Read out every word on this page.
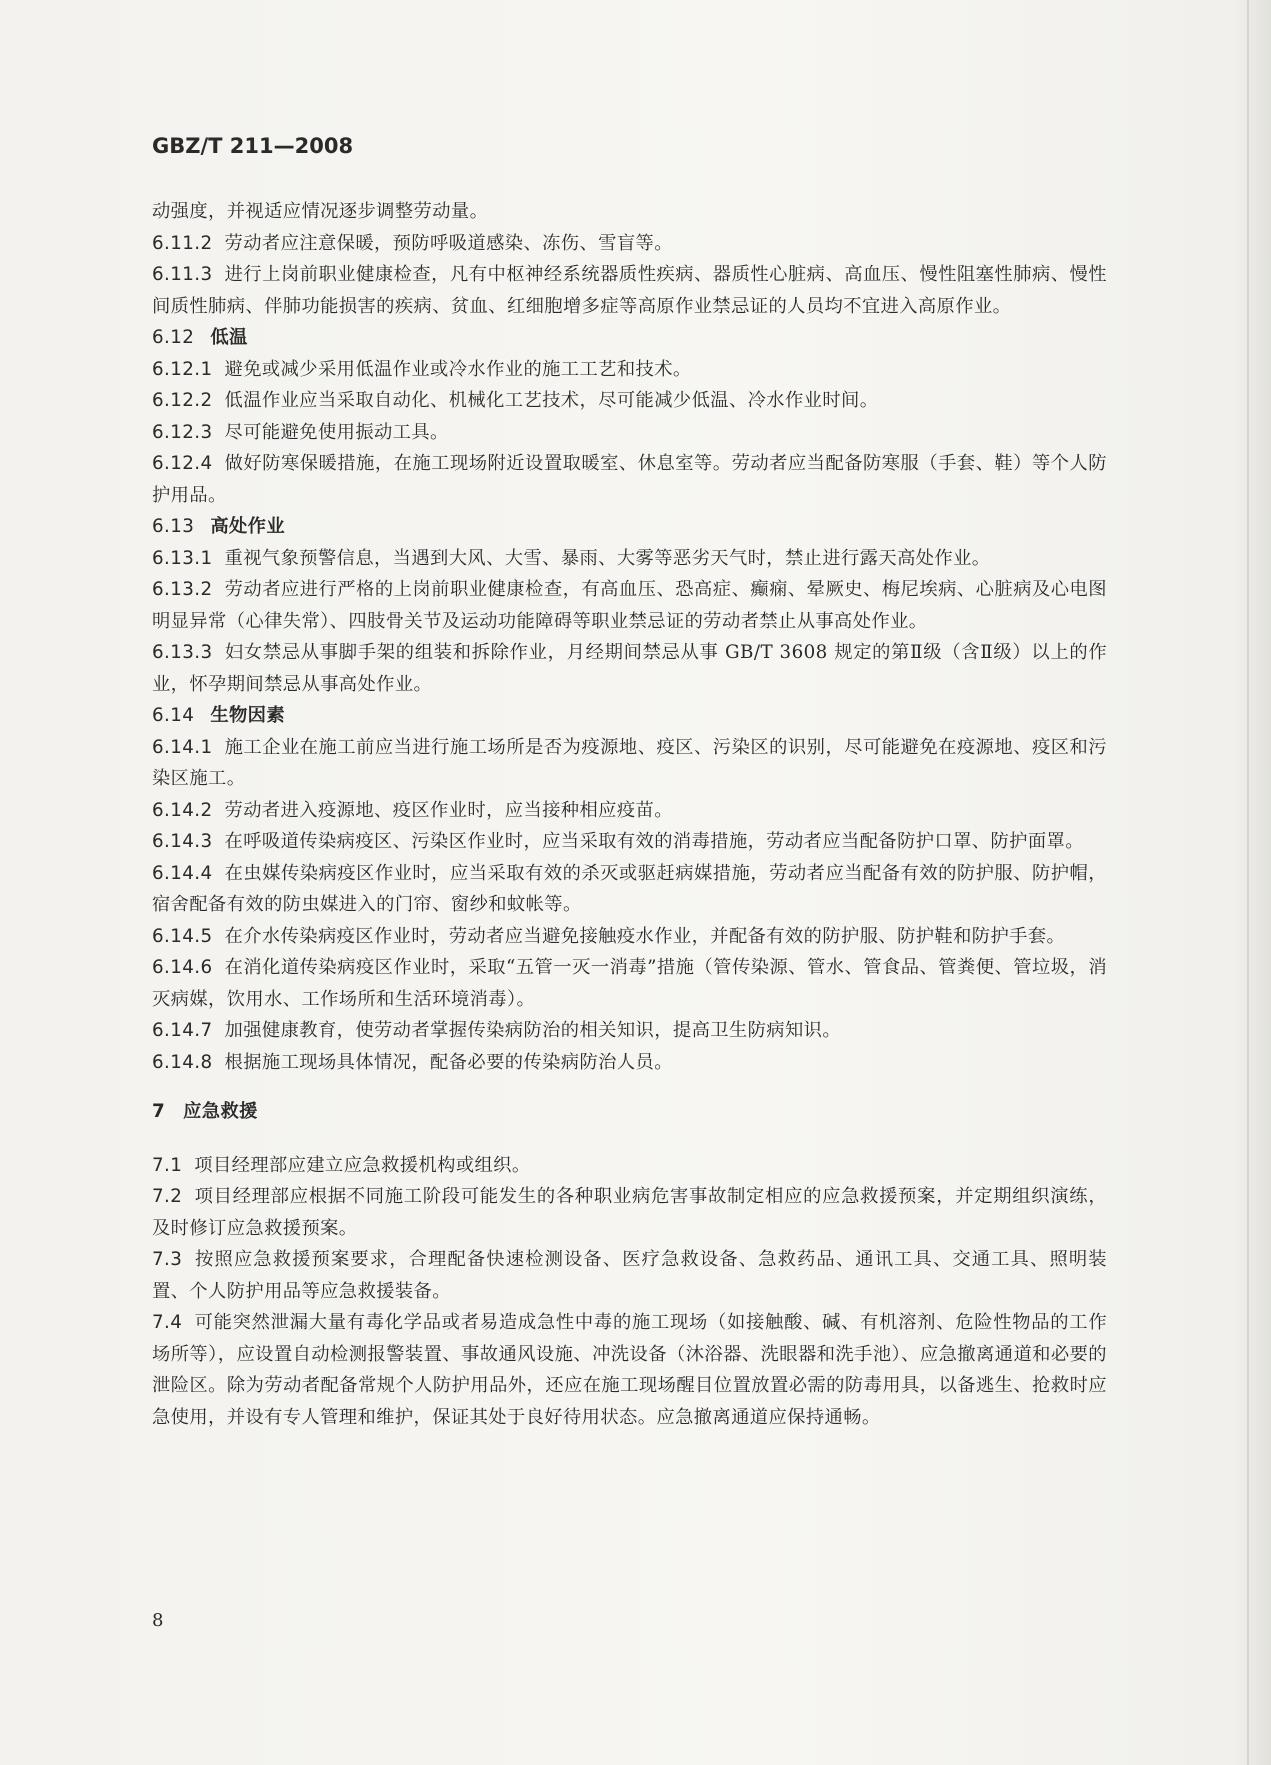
GBZ/T 211—2008

动强度，并视适应情况逐步调整劳动量。

6.11.2 劳动者应注意保暖，预防呼吸道感染、冻伤、雪盲等。

6.11.3 进行上岗前职业健康检查，凡有中枢神经系统器质性疾病、器质性心脏病、高血压、慢性阻塞性肺病、慢性间质性肺病、伴肺功能损害的疾病、贫血、红细胞增多症等高原作业禁忌证的人员均不宜进入高原作业。

6.12 低温

6.12.1 避免或减少采用低温作业或冷水作业的施工工艺和技术。

6.12.2 低温作业应当采取自动化、机械化工艺技术，尽可能减少低温、冷水作业时间。

6.12.3 尽可能避免使用振动工具。

6.12.4 做好防寒保暖措施，在施工现场附近设置取暖室、休息室等。劳动者应当配备防寒服（手套、鞋）等个人防护用品。

6.13 高处作业

6.13.1 重视气象预警信息，当遇到大风、大雪、暴雨、大雾等恶劣天气时，禁止进行露天高处作业。

6.13.2 劳动者应进行严格的上岗前职业健康检查，有高血压、恐高症、癫痫、晕厥史、梅尼埃病、心脏病及心电图明显异常（心律失常）、四肢骨关节及运动功能障碍等职业禁忌证的劳动者禁止从事高处作业。

6.13.3 妇女禁忌从事脚手架的组装和拆除作业，月经期间禁忌从事 GB/T 3608 规定的第Ⅱ级（含Ⅱ级）以上的作业，怀孕期间禁忌从事高处作业。

6.14 生物因素

6.14.1 施工企业在施工前应当进行施工场所是否为疫源地、疫区、污染区的识别，尽可能避免在疫源地、疫区和污染区施工。

6.14.2 劳动者进入疫源地、疫区作业时，应当接种相应疫苗。

6.14.3 在呼吸道传染病疫区、污染区作业时，应当采取有效的消毒措施，劳动者应当配备防护口罩、防护面罩。

6.14.4 在虫媒传染病疫区作业时，应当采取有效的杀灭或驱赶病媒措施，劳动者应当配备有效的防护服、防护帽，宿舍配备有效的防虫媒进入的门帘、窗纱和蚊帐等。

6.14.5 在介水传染病疫区作业时，劳动者应当避免接触疫水作业，并配备有效的防护服、防护鞋和防护手套。

6.14.6 在消化道传染病疫区作业时，采取“五管一灭一消毒”措施（管传染源、管水、管食品、管粪便、管垃圾，消灭病媒，饮用水、工作场所和生活环境消毒）。

6.14.7 加强健康教育，使劳动者掌握传染病防治的相关知识，提高卫生防病知识。

6.14.8 根据施工现场具体情况，配备必要的传染病防治人员。

7 应急救援

7.1 项目经理部应建立应急救援机构或组织。

7.2 项目经理部应根据不同施工阶段可能发生的各种职业病危害事故制定相应的应急救援预案，并定期组织演练，及时修订应急救援预案。

7.3 按照应急救援预案要求，合理配备快速检测设备、医疗急救设备、急救药品、通讯工具、交通工具、照明装置、个人防护用品等应急救援装备。

7.4 可能突然泄漏大量有毒化学品或者易造成急性中毒的施工现场（如接触酸、碱、有机溶剂、危险性物品的工作场所等），应设置自动检测报警装置、事故通风设施、冲洗设备（沐浴器、洗眼器和洗手池）、应急撤离通道和必要的泄险区。除为劳动者配备常规个人防护用品外，还应在施工现场醒目位置放置必需的防毒用具，以备逃生、抢救时应急使用，并设有专人管理和维护，保证其处于良好待用状态。应急撤离通道应保持通畅。

8
